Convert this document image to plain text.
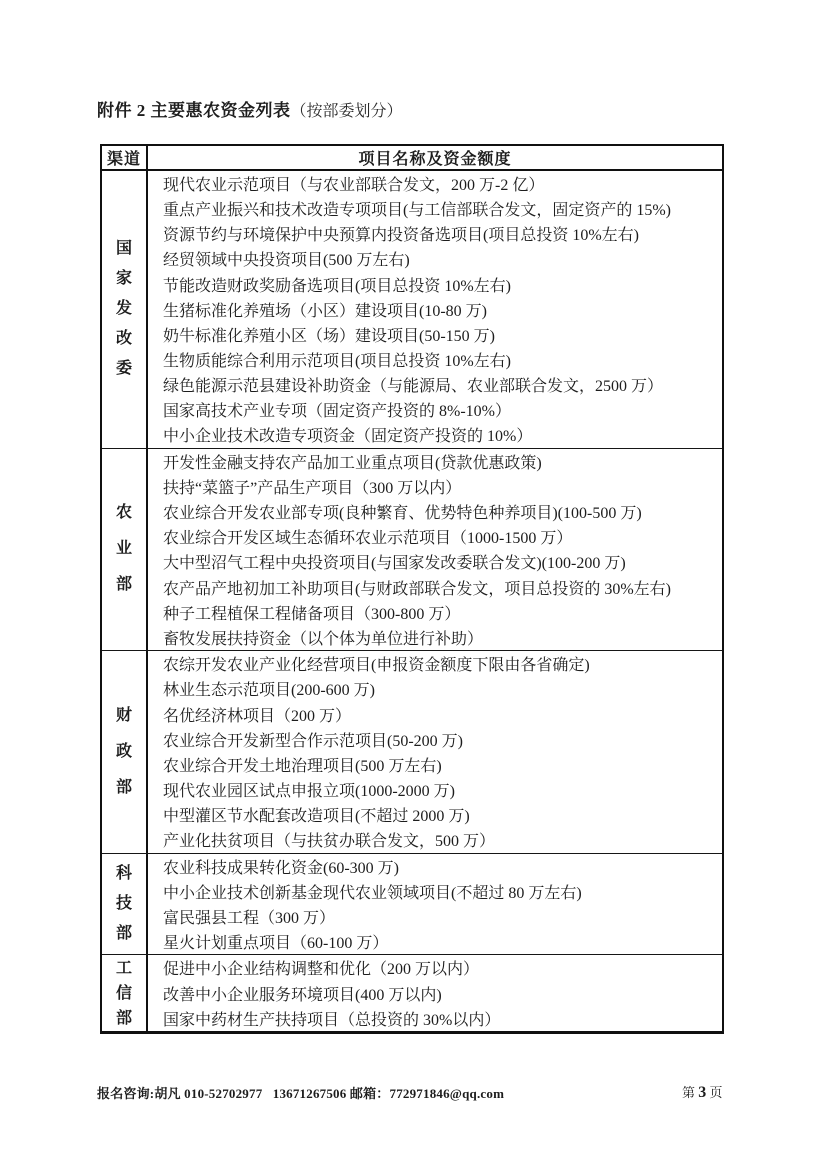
附件 2 主要惠农资金列表（按部委划分）
渠道	项目名称及资金额度
国家发改委
现代农业示范项目（与农业部联合发文，200 万-2 亿）
重点产业振兴和技术改造专项项目(与工信部联合发文，固定资产的 15%)
资源节约与环境保护中央预算内投资备选项目(项目总投资 10%左右)
经贸领域中央投资项目(500 万左右)
节能改造财政奖励备选项目(项目总投资 10%左右)
生猪标准化养殖场（小区）建设项目(10-80 万)
奶牛标准化养殖小区（场）建设项目(50-150 万)
生物质能综合利用示范项目(项目总投资 10%左右)
绿色能源示范县建设补助资金（与能源局、农业部联合发文，2500 万）
国家高技术产业专项（固定资产投资的 8%-10%）
中小企业技术改造专项资金（固定资产投资的 10%）
农业部
开发性金融支持农产品加工业重点项目(贷款优惠政策)
扶持“菜篮子”产品生产项目（300 万以内）
农业综合开发农业部专项(良种繁育、优势特色种养项目)(100-500 万)
农业综合开发区域生态循环农业示范项目（1000-1500 万）
大中型沼气工程中央投资项目(与国家发改委联合发文)(100-200 万)
农产品产地初加工补助项目(与财政部联合发文，项目总投资的 30%左右)
种子工程植保工程储备项目（300-800 万）
畜牧发展扶持资金（以个体为单位进行补助）
财政部
农综开发农业产业化经营项目(申报资金额度下限由各省确定)
林业生态示范项目(200-600 万)
名优经济林项目（200 万）
农业综合开发新型合作示范项目(50-200 万)
农业综合开发土地治理项目(500 万左右)
现代农业园区试点申报立项(1000-2000 万)
中型灌区节水配套改造项目(不超过 2000 万)
产业化扶贫项目（与扶贫办联合发文，500 万）
科技部
农业科技成果转化资金(60-300 万)
中小企业技术创新基金现代农业领域项目(不超过 80 万左右)
富民强县工程（300 万）
星火计划重点项目（60-100 万）
工信部
促进中小企业结构调整和优化（200 万以内）
改善中小企业服务环境项目(400 万以内)
国家中药材生产扶持项目（总投资的 30%以内）
报名咨询:胡凡 010-52702977   13671267506 邮箱：772971846@qq.com	第 3 页
